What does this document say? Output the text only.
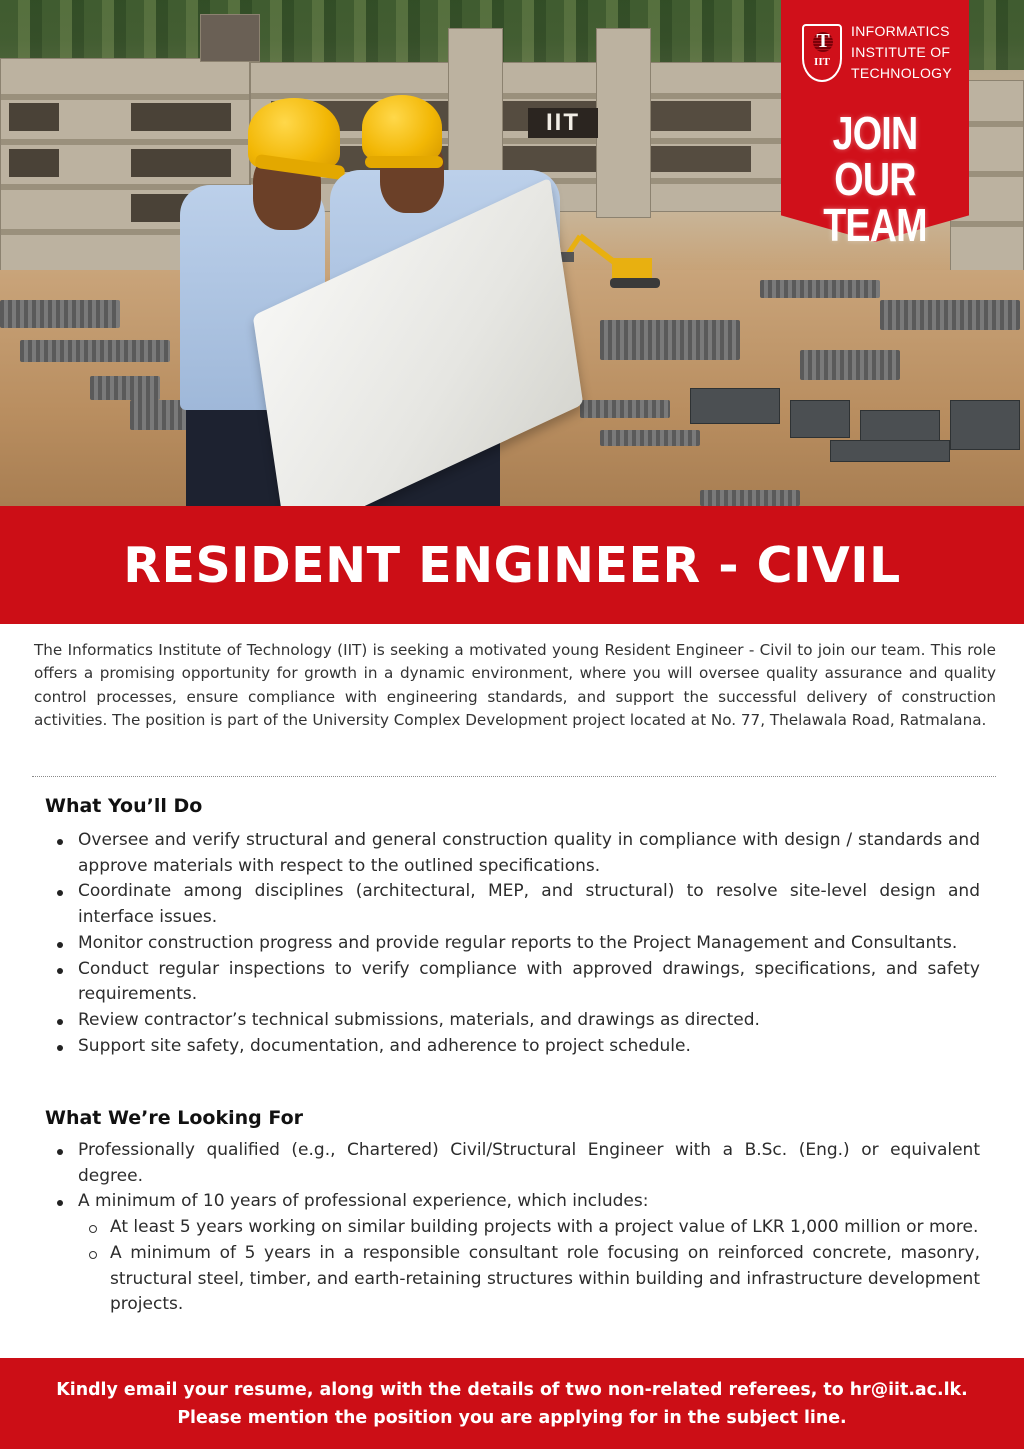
IIT
T
IIT
INFORMATICS
INSTITUTE OF
TECHNOLOGY
JOIN OUR
TEAM
RESIDENT ENGINEER - CIVIL

The Informatics Institute of Technology (IIT) is seeking a motivated young Resident Engineer - Civil to join our team. This role offers a promising opportunity for growth in a dynamic environment, where you will oversee quality assurance and quality control processes, ensure compliance with engineering standards, and support the successful delivery of construction activities. The position is part of the University Complex Development project located at No. 77, Thelawala Road, Ratmalana.

What You’ll Do
Oversee and verify structural and general construction quality in compliance with design / standards and approve materials with respect to the outlined specifications.
Coordinate among disciplines (architectural, MEP, and structural) to resolve site-level design and interface issues.
Monitor construction progress and provide regular reports to the Project Management and Consultants.
Conduct regular inspections to verify compliance with approved drawings, specifications, and safety requirements.
Review contractor’s technical submissions, materials, and drawings as directed.
Support site safety, documentation, and adherence to project schedule.
What We’re Looking For
Professionally qualified (e.g., Chartered) Civil/Structural Engineer with a B.Sc. (Eng.) or equivalent degree.
A minimum of 10 years of professional experience, which includes:
At least 5 years working on similar building projects with a project value of LKR 1,000 million or more.
A minimum of 5 years in a responsible consultant role focusing on reinforced concrete, masonry, structural steel, timber, and earth-retaining structures within building and infrastructure development projects.
Kindly email your resume, along with the details of two non-related referees, to hr@iit.ac.lk.
Please mention the position you are applying for in the subject line.
